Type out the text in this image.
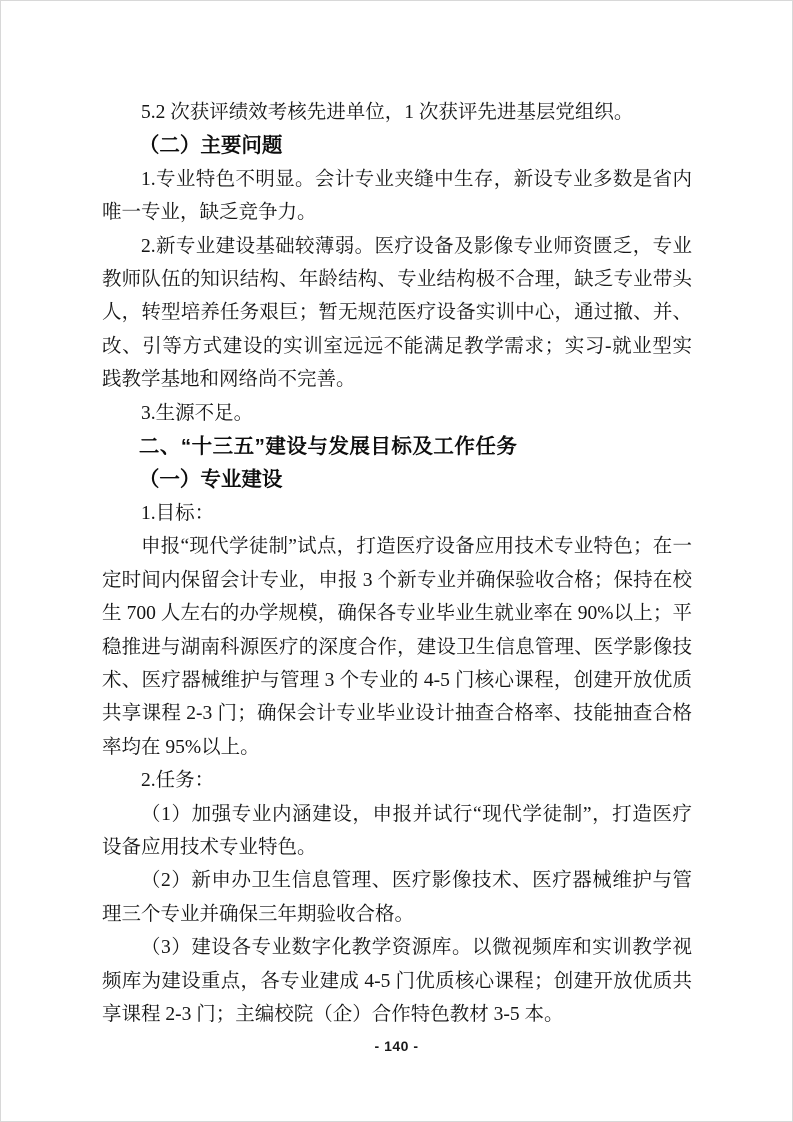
5.2 次获评绩效考核先进单位，1 次获评先进基层党组织。

（二）主要问题

1.专业特色不明显。会计专业夹缝中生存，新设专业多数是省内唯一专业，缺乏竞争力。

2.新专业建设基础较薄弱。医疗设备及影像专业师资匮乏，专业教师队伍的知识结构、年龄结构、专业结构极不合理，缺乏专业带头人，转型培养任务艰巨；暂无规范医疗设备实训中心，通过撤、并、改、引等方式建设的实训室远远不能满足教学需求；实习-就业型实践教学基地和网络尚不完善。

3.生源不足。

二、“十三五”建设与发展目标及工作任务

（一）专业建设

1.目标：

申报“现代学徒制”试点，打造医疗设备应用技术专业特色；在一定时间内保留会计专业，申报 3 个新专业并确保验收合格；保持在校生 700 人左右的办学规模，确保各专业毕业生就业率在 90%以上；平稳推进与湖南科源医疗的深度合作，建设卫生信息管理、医学影像技术、医疗器械维护与管理 3 个专业的 4-5 门核心课程，创建开放优质共享课程 2-3 门；确保会计专业毕业设计抽查合格率、技能抽查合格率均在 95%以上。

2.任务：

（1）加强专业内涵建设，申报并试行“现代学徒制”，打造医疗设备应用技术专业特色。

（2）新申办卫生信息管理、医疗影像技术、医疗器械维护与管理三个专业并确保三年期验收合格。

（3）建设各专业数字化教学资源库。以微视频库和实训教学视频库为建设重点，各专业建成 4-5 门优质核心课程；创建开放优质共享课程 2-3 门；主编校院（企）合作特色教材 3-5 本。

- 140 -
